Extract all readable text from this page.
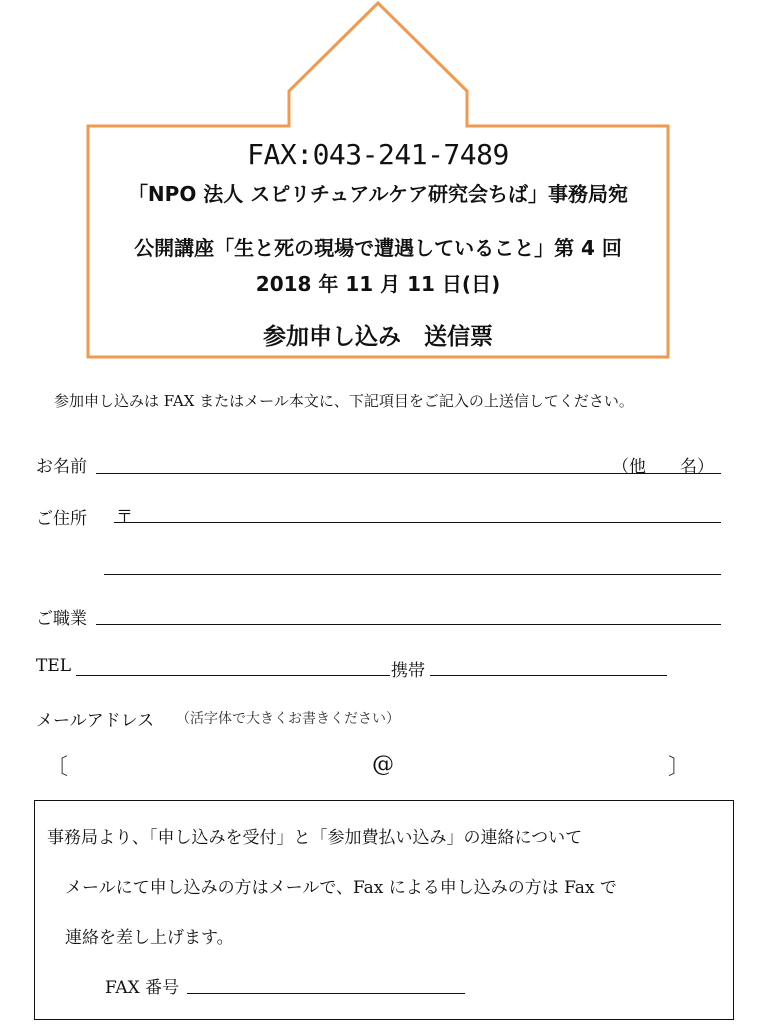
FAX:043-241-7489
「NPO 法人 スピリチュアルケア研究会ちば」事務局宛
公開講座「生と死の現場で遭遇していること」第 4 回
2018 年 11 月 11 日(日)
参加申し込み　送信票
参加申し込みは FAX またはメール本文に、下記項目をご記入の上送信してください。
お名前	（他　　名）
ご住所 〒
ご職業
TEL	携帯
メールアドレス （活字体で大きくお書きください）
〔	@	〕
事務局より、「申し込みを受付」と「参加費払い込み」の連絡について
メールにて申し込みの方はメールで、Fax による申し込みの方は Fax で
連絡を差し上げます。
FAX 番号
